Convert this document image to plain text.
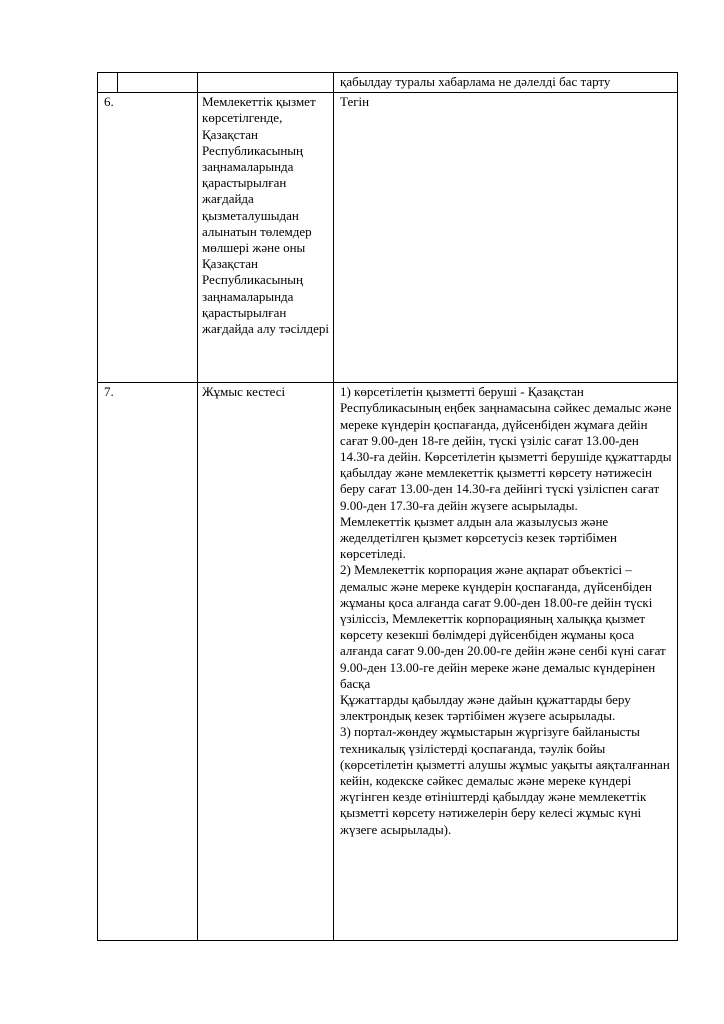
			қабылдау туралы хабарлама не дәлелді бас тарту
6.		Мемлекеттік қызмет көрсетілгенде, Қазақстан Республикасының заңнамаларында қарастырылған жағдайда қызметалушыдан алынатын төлемдер мөлшері және оны Қазақстан Республикасының заңнамаларында қарастырылған жағдайда алу тәсілдері	Тегін
7.		Жұмыс кестесі	1) көрсетілетін қызметті беруші - Қазақстан Республикасының еңбек заңнамасына сәйкес демалыс және мереке күндерін қоспағанда, дүйсенбіден жұмаға дейін сағат 9.00-ден 18-ге дейін, түскі үзіліс сағат 13.00-ден 14.30-ға дейін. Көрсетілетін қызметті берушіде құжаттарды қабылдау және мемлекеттік қызметті көрсету нәтижесін беру сағат 13.00-ден 14.30-ға дейінгі түскі үзіліспен сағат 9.00-ден 17.30-ға дейін жүзеге асырылады.
Мемлекеттік қызмет алдын ала жазылусыз және жеделдетілген қызмет көрсетусіз кезек тәртібімен көрсетіледі.
2) Мемлекеттік корпорация және ақпарат объектісі – демалыс және мереке күндерін қоспағанда, дүйсенбіден жұманы қоса алғанда сағат 9.00-ден 18.00-ге дейін түскі үзіліссіз, Мемлекеттік корпорацияның халыққа қызмет көрсету кезекші бөлімдері дүйсенбіден жұманы қоса алғанда сағат 9.00-ден 20.00-ге дейін және сенбі күні сағат 9.00-ден 13.00-ге дейін мереке және демалыс күндерінен басқа
Құжаттарды қабылдау және дайын құжаттарды беру электрондық кезек тәртібімен жүзеге асырылады.
3) портал-жөндеу жұмыстарын жүргізуге байланысты техникалық үзілістерді қоспағанда, тәулік бойы (көрсетілетін қызметті алушы жұмыс уақыты аяқталғаннан кейін, кодекске сәйкес демалыс және мереке күндері жүгінген кезде өтініштерді қабылдау және мемлекеттік қызметті көрсету нәтижелерін беру келесі жұмыс күні жүзеге асырылады).
